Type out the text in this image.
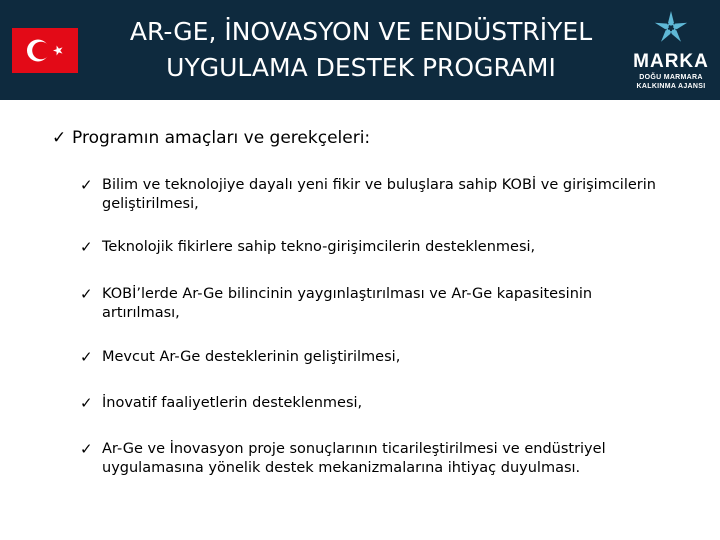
AR-GE, İNOVASYON VE ENDÜSTRİYEL
UYGULAMA DESTEK PROGRAMI	MARKA
DOĞU MARMARA
KALKINMA AJANSI
✓ Programın amaçları ve gerekçeleri:
✓ Bilim ve teknolojiye dayalı yeni fikir ve buluşlara sahip KOBİ ve girişimcilerin geliştirilmesi,
✓ Teknolojik fikirlere sahip tekno-girişimcilerin desteklenmesi,
✓ KOBİ’lerde Ar-Ge bilincinin yaygınlaştırılması ve Ar-Ge kapasitesinin artırılması,
✓ Mevcut Ar-Ge desteklerinin geliştirilmesi,
✓ İnovatif faaliyetlerin desteklenmesi,
✓ Ar-Ge ve İnovasyon proje sonuçlarının ticarileştirilmesi ve endüstriyel uygulamasına yönelik destek mekanizmalarına ihtiyaç duyulması.
